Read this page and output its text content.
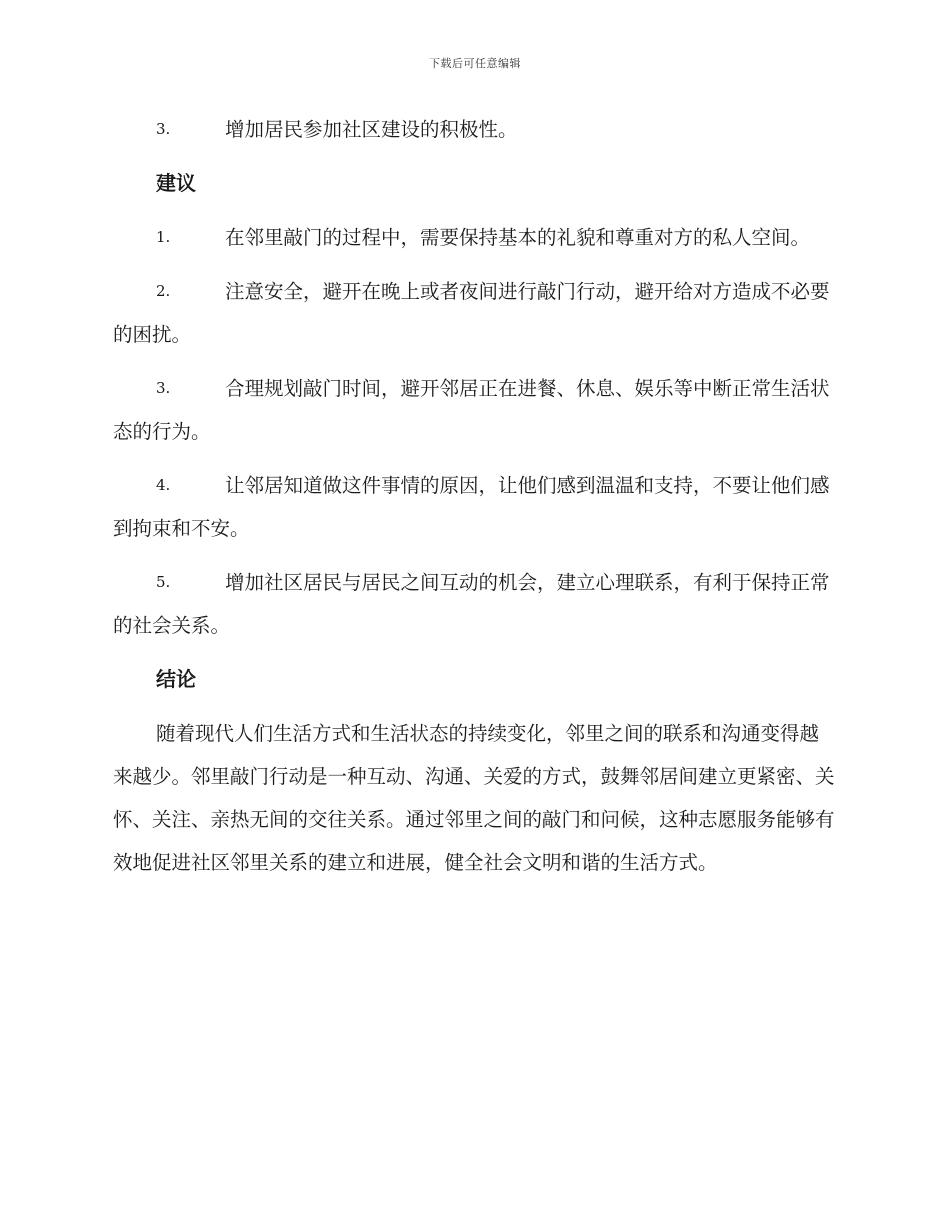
下载后可任意编辑
3.	增加居民参加社区建设的积极性。
建议
1.	在邻里敲门的过程中，需要保持基本的礼貌和尊重对方的私人空间。
2.	注意安全，避开在晚上或者夜间进行敲门行动，避开给对方造成不必要的困扰。
3.	合理规划敲门时间，避开邻居正在进餐、休息、娱乐等中断正常生活状态的行为。
4.	让邻居知道做这件事情的原因，让他们感到温温和支持，不要让他们感到拘束和不安。
5.	增加社区居民与居民之间互动的机会，建立心理联系，有利于保持正常的社会关系。
结论

随着现代人们生活方式和生活状态的持续变化，邻里之间的联系和沟通变得越来越少。邻里敲门行动是一种互动、沟通、关爱的方式，鼓舞邻居间建立更紧密、关怀、关注、亲热无间的交往关系。通过邻里之间的敲门和问候，这种志愿服务能够有效地促进社区邻里关系的建立和进展，健全社会文明和谐的生活方式。
